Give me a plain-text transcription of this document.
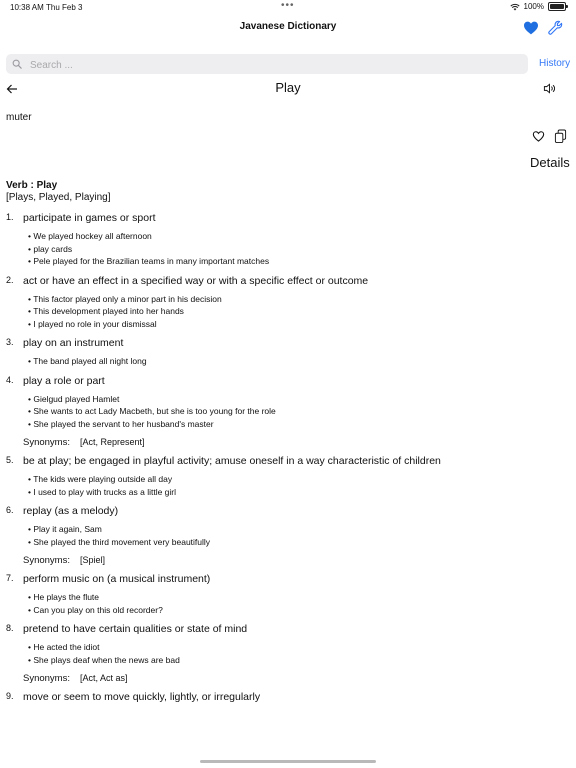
10:38 AM Thu Feb 3	•••	100%
Javanese Dictionary
Search ...
History
Play
muter
Details
Verb : Play
[Plays, Played, Playing]
1. participate in games or sport
• We played hockey all afternoon
• play cards
• Pele played for the Brazilian teams in many important matches
2. act or have an effect in a specified way or with a specific effect or outcome
• This factor played only a minor part in his decision
• This development played into her hands
• I played no role in your dismissal
3. play on an instrument
• The band played all night long
4. play a role or part
• Gielgud played Hamlet
• She wants to act Lady Macbeth, but she is too young for the role
• She played the servant to her husband's master
Synonyms: [Act, Represent]
5. be at play; be engaged in playful activity; amuse oneself in a way characteristic of children
• The kids were playing outside all day
• I used to play with trucks as a little girl
6. replay (as a melody)
• Play it again, Sam
• She played the third movement very beautifully
Synonyms: [Spiel]
7. perform music on (a musical instrument)
• He plays the flute
• Can you play on this old recorder?
8. pretend to have certain qualities or state of mind
• He acted the idiot
• She plays deaf when the news are bad
Synonyms: [Act, Act as]
9. move or seem to move quickly, lightly, or irregularly
